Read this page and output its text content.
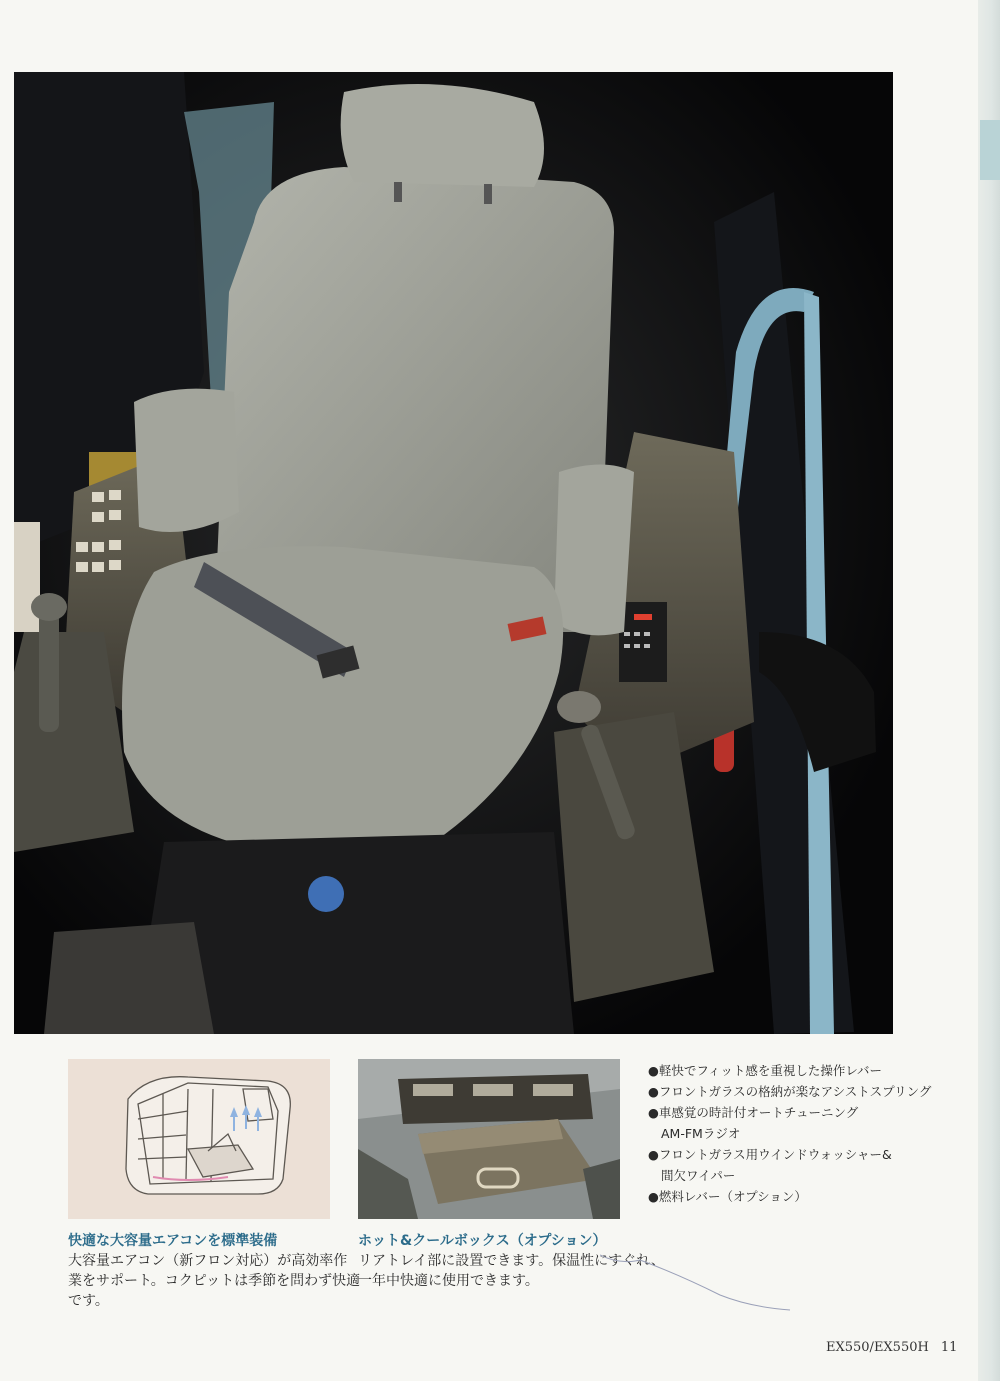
快適な大容量エアコンを標準装備
大容量エアコン（新フロン対応）が高効率作
業をサポート。コクピットは季節を問わず快適
です。
ホット&クールボックス（オプション）
リアトレイ部に設置できます。保温性にすぐれ、
一年中快適に使用できます。
●軽快でフィット感を重視した操作レバー
●フロントガラスの格納が楽なアシストスプリング
●車感覚の時計付オートチューニング
AM-FMラジオ
●フロントガラス用ウインドウォッシャー&
間欠ワイパー
●燃料レバー（オプション）
EX550/EX550H 11
